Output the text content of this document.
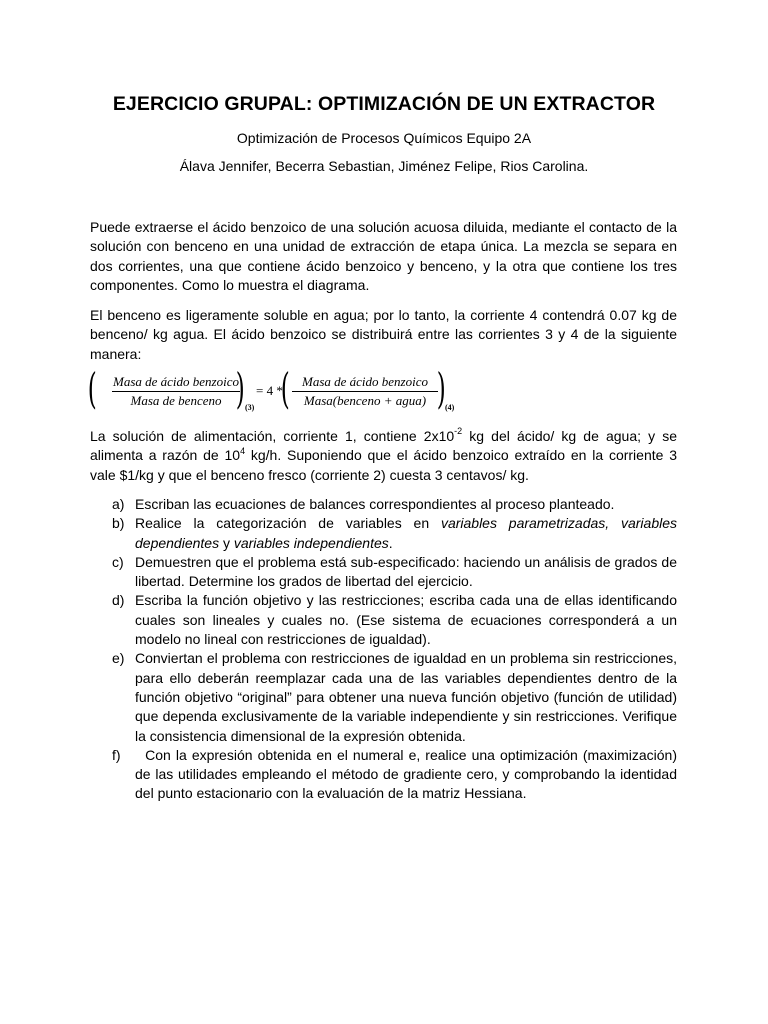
EJERCICIO GRUPAL: OPTIMIZACIÓN DE UN EXTRACTOR
Optimización de Procesos Químicos Equipo 2A
Álava Jennifer, Becerra Sebastian, Jiménez Felipe, Rios Carolina.
Puede extraerse el ácido benzoico de una solución acuosa diluida, mediante el contacto de la solución con benceno en una unidad de extracción de etapa única. La mezcla se separa en dos corrientes, una que contiene ácido benzoico y benceno, y la otra que contiene los tres componentes. Como lo muestra el diagrama.
El benceno es ligeramente soluble en agua; por lo tanto, la corriente 4 contendrá 0.07 kg de benceno/ kg agua. El ácido benzoico se distribuirá entre las corrientes 3 y 4 de la siguiente manera:
( Masa de ácido benzoico
Masa de benceno ) (3)
= 4 *
( Masa de ácido benzoico
Masa(benceno + agua) ) (4)
La solución de alimentación, corriente 1, contiene $2x10^{-2}$ kg del ácido/ kg de agua; y se alimenta a razón de $10^4$ kg/h. Suponiendo que el ácido benzoico extraído en la corriente 3 vale $1/kg y que el benceno fresco (corriente 2) cuesta 3 centavos/ kg.
a) Escriban las ecuaciones de balances correspondientes al proceso planteado.
b) Realice la categorización de variables en variables parametrizadas, variables dependientes y variables independientes.
c) Demuestren que el problema está sub-especificado: haciendo un análisis de grados de libertad. Determine los grados de libertad del ejercicio.
d) Escriba la función objetivo y las restricciones; escriba cada una de ellas identificando cuales son lineales y cuales no. (Ese sistema de ecuaciones corresponderá a un modelo no lineal con restricciones de igualdad).
e) Conviertan el problema con restricciones de igualdad en un problema sin restricciones, para ello deberán reemplazar cada una de las variables dependientes dentro de la función objetivo “original” para obtener una nueva función objetivo (función de utilidad) que dependa exclusivamente de la variable independiente y sin restricciones. Verifique la consistencia dimensional de la expresión obtenida.
f) Con la expresión obtenida en el numeral e, realice una optimización (maximización) de las utilidades empleando el método de gradiente cero, y comprobando la identidad del punto estacionario con la evaluación de la matriz Hessiana.
